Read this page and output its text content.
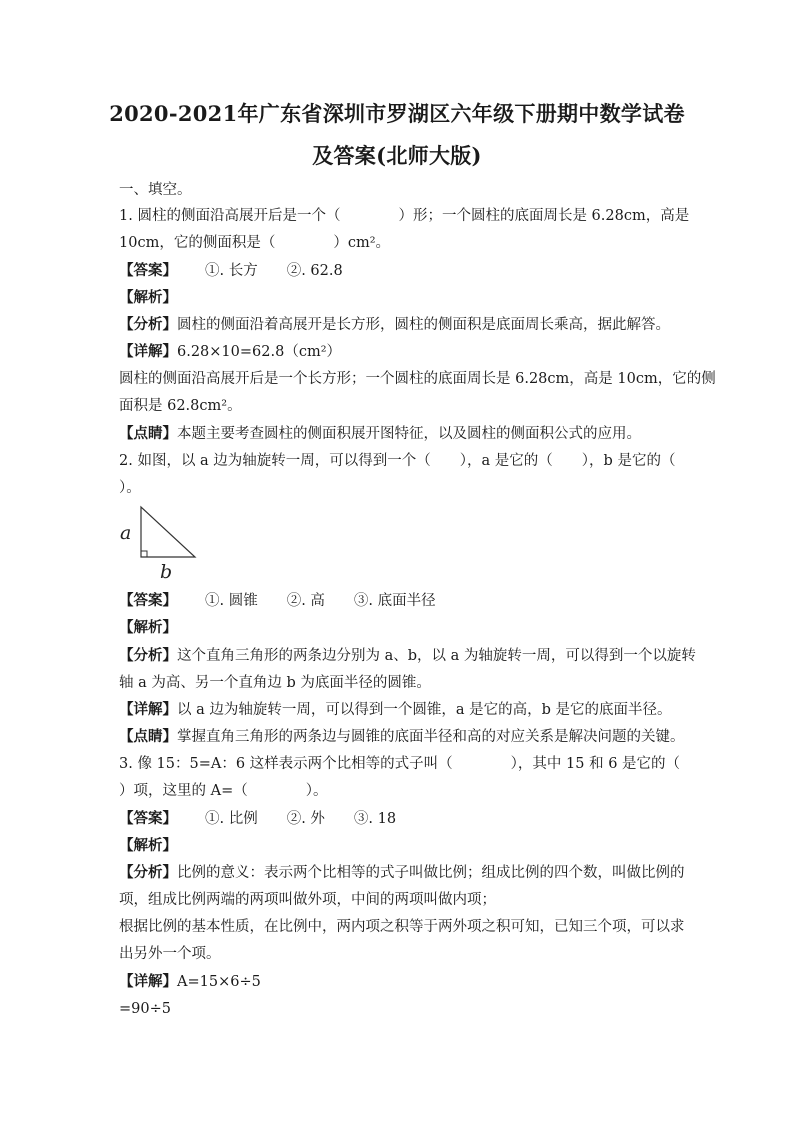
2020-2021年广东省深圳市罗湖区六年级下册期中数学试卷
及答案(北师大版)
一、填空。
1. 圆柱的侧面沿高展开后是一个（　　　　）形；一个圆柱的底面周长是 6.28cm，高是
10cm，它的侧面积是（　　　　）cm²。
【答案】 ①. 长方　　②. 62.8
【解析】
【分析】圆柱的侧面沿着高展开是长方形，圆柱的侧面积是底面周长乘高，据此解答。
【详解】6.28×10=62.8（cm²）
圆柱的侧面沿高展开后是一个长方形；一个圆柱的底面周长是 6.28cm，高是 10cm，它的侧
面积是 62.8cm²。
【点睛】本题主要考查圆柱的侧面积展开图特征，以及圆柱的侧面积公式的应用。
2. 如图，以 a 边为轴旋转一周，可以得到一个（　　），a 是它的（　　），b 是它的（
）。
a
b
【答案】 ①. 圆锥　　②. 高　　③. 底面半径
【解析】
【分析】这个直角三角形的两条边分别为 a、b，以 a 为轴旋转一周，可以得到一个以旋转
轴 a 为高、另一个直角边 b 为底面半径的圆锥。
【详解】以 a 边为轴旋转一周，可以得到一个圆锥，a 是它的高，b 是它的底面半径。
【点睛】掌握直角三角形的两条边与圆锥的底面半径和高的对应关系是解决问题的关键。
3. 像 15：5=A：6 这样表示两个比相等的式子叫（　　　　），其中 15 和 6 是它的（
）项，这里的 A=（　　　　）。
【答案】 ①. 比例　　②. 外　　③. 18
【解析】
【分析】比例的意义：表示两个比相等的式子叫做比例；组成比例的四个数，叫做比例的
项，组成比例两端的两项叫做外项，中间的两项叫做内项；
根据比例的基本性质，在比例中，两内项之积等于两外项之积可知，已知三个项，可以求
出另外一个项。
【详解】A=15×6÷5
=90÷5
